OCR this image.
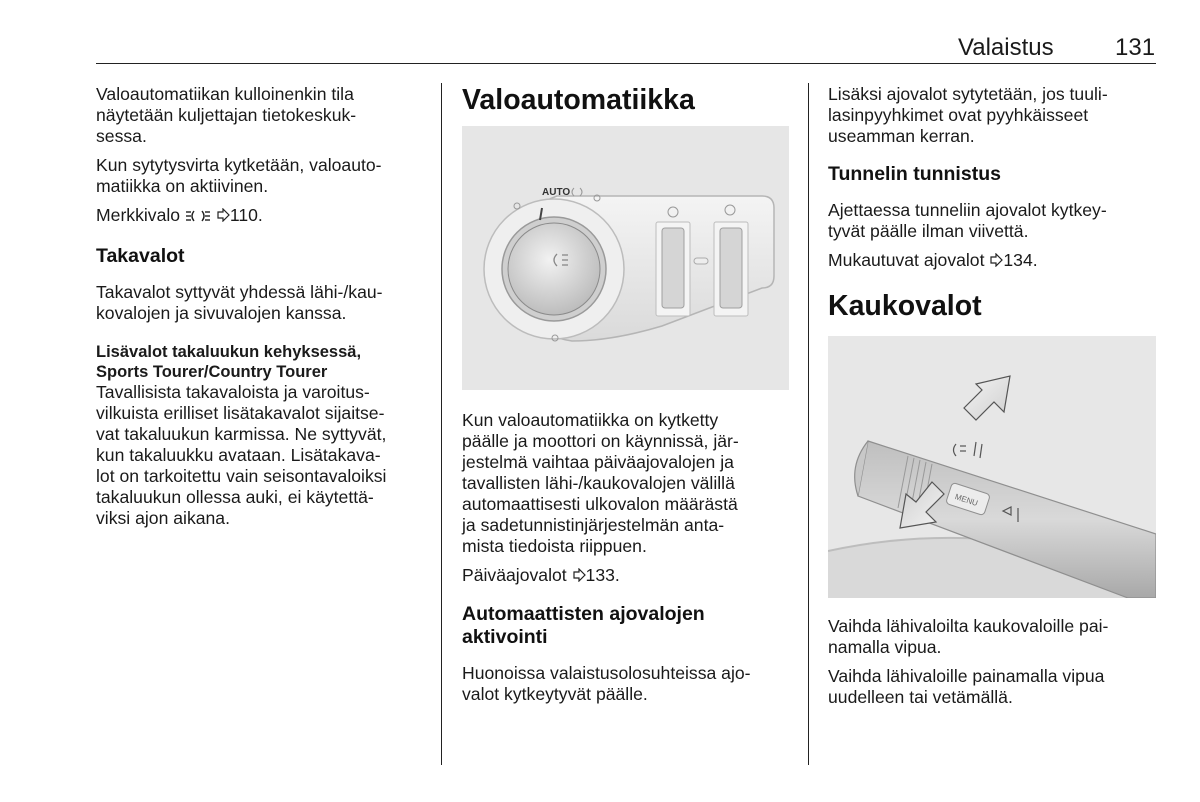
Valaistus	131

Valoautomatiikan kulloinenkin tila
näytetään kuljettajan tietokeskuk-
sessa.

Kun sytytysvirta kytketään, valoauto-
matiikka on aktiivinen.

Merkkivalo	110.

Takavalot

Takavalot syttyvät yhdessä lähi-/kau-
kovalojen ja sivuvalojen kanssa.

Lisävalot takaluukun kehyksessä,
Sports Tourer/Country Tourer

Tavallisista takavaloista ja varoitus-
vilkuista erilliset lisätakavalot sijaitse-
vat takaluukun karmissa. Ne syttyvät,
kun takaluukku avataan. Lisätakava-
lot on tarkoitettu vain seisontavaloiksi
takaluukun ollessa auki, ei käytettä-
viksi ajon aikana.

Valoautomatiikka
AUTO

Kun valoautomatiikka on kytketty
päälle ja moottori on käynnissä, jär-
jestelmä vaihtaa päiväajovalojen ja
tavallisten lähi-/kaukovalojen välillä
automaattisesti ulkovalon määrästä
ja sadetunnistinjärjestelmän anta-
mista tiedoista riippuen.

Päiväajovalot 133.

Automaattisten ajovalojen
aktivointi

Huonoissa valaistusolosuhteissa ajo-
valot kytkeytyvät päälle.

Lisäksi ajovalot sytytetään, jos tuuli-
lasinpyyhkimet ovat pyyhkäisseet
useamman kerran.

Tunnelin tunnistus

Ajettaessa tunneliin ajovalot kytkey-
tyvät päälle ilman viivettä.

Mukautuvat ajovalot 134.

Kaukovalot
MENU

Vaihda lähivaloilta kaukovaloille pai-
namalla vipua.

Vaihda lähivaloille painamalla vipua
uudelleen tai vetämällä.
